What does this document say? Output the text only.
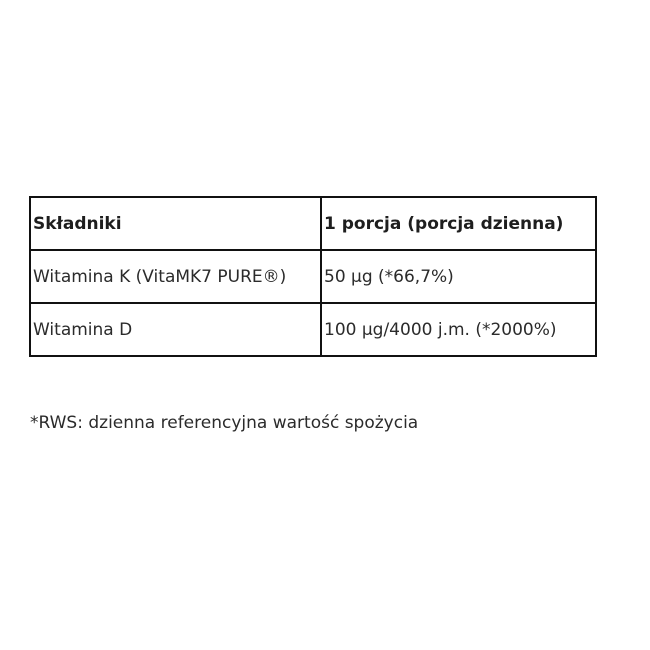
Składniki	1 porcja (porcja dzienna)
Witamina K (VitaMK7 PURE®)	50 µg (*66,7%)
Witamina D	100 µg/4000 j.m. (*2000%)
*RWS: dzienna referencyjna wartość spożycia
